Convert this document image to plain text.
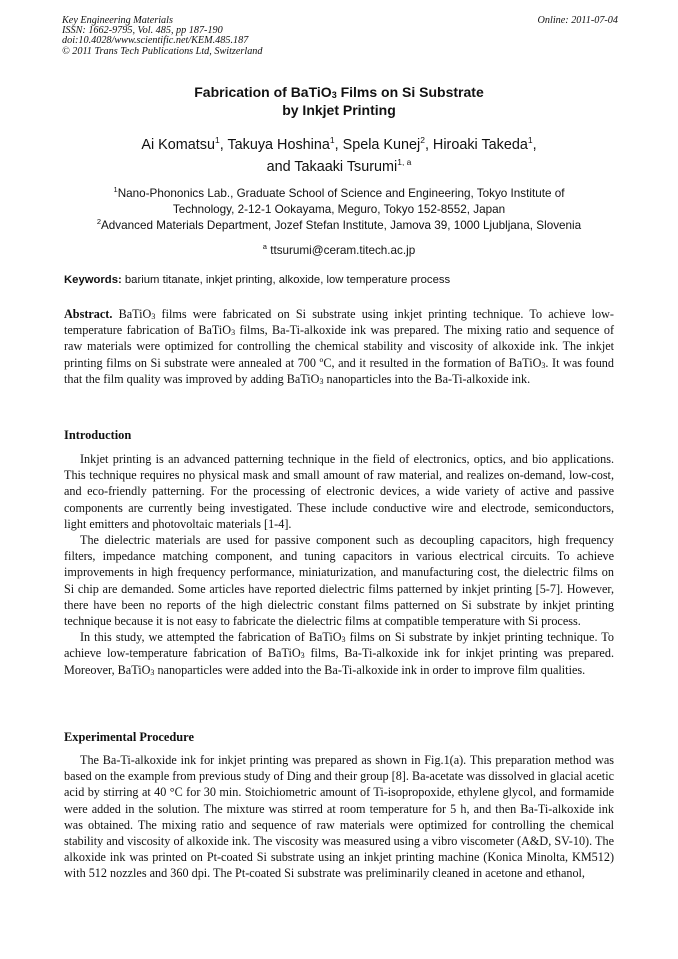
Key Engineering Materials
ISSN: 1662-9795, Vol. 485, pp 187-190
doi:10.4028/www.scientific.net/KEM.485.187
© 2011 Trans Tech Publications Ltd, Switzerland
Online: 2011-07-04
Fabrication of BaTiO$_3$ Films on Si Substrate
by Inkjet Printing
Ai Komatsu$^1$, Takuya Hoshina$^1$, Spela Kunej$^2$, Hiroaki Takeda$^1$,
and Takaaki Tsurumi$^{1, a}$
$^1$Nano-Phononics Lab., Graduate School of Science and Engineering, Tokyo Institute of
Technology, 2-12-1 Ookayama, Meguro, Tokyo 152-8552, Japan
$^2$Advanced Materials Department, Jozef Stefan Institute, Jamova 39, 1000 Ljubljana, Slovenia
$^a$ ttsurumi@ceram.titech.ac.jp
Keywords: barium titanate, inkjet printing, alkoxide, low temperature process

Abstract. BaTiO$_3$ films were fabricated on Si substrate using inkjet printing technique. To achieve low-temperature fabrication of BaTiO$_3$ films, Ba-Ti-alkoxide ink was prepared. The mixing ratio and sequence of raw materials were optimized for controlling the chemical stability and viscosity of alkoxide ink. The inkjet printing films on Si substrate were annealed at 700 ºC, and it resulted in the formation of BaTiO$_3$. It was found that the film quality was improved by adding BaTiO$_3$ nanoparticles into the Ba-Ti-alkoxide ink.

Introduction

Inkjet printing is an advanced patterning technique in the field of electronics, optics, and bio applications. This technique requires no physical mask and small amount of raw material, and realizes on-demand, low-cost, and eco-friendly patterning. For the processing of electronic devices, a wide variety of active and passive components are currently being investigated. These include conductive wire and electrode, semiconductors, light emitters and photovoltaic materials [1-4].

The dielectric materials are used for passive component such as decoupling capacitors, high frequency filters, impedance matching component, and tuning capacitors in various electrical circuits. To achieve improvements in high frequency performance, miniaturization, and manufacturing cost, the dielectric films on Si chip are demanded. Some articles have reported dielectric films patterned by inkjet printing [5-7]. However, there have been no reports of the high dielectric constant films patterned on Si substrate by inkjet printing technique because it is not easy to fabricate the dielectric films at compatible temperature with Si process.

In this study, we attempted the fabrication of BaTiO$_3$ films on Si substrate by inkjet printing technique. To achieve low-temperature fabrication of BaTiO$_3$ films, Ba-Ti-alkoxide ink for inkjet printing was prepared. Moreover, BaTiO$_3$ nanoparticles were added into the Ba-Ti-alkoxide ink in order to improve film qualities.

Experimental Procedure

The Ba-Ti-alkoxide ink for inkjet printing was prepared as shown in Fig.1(a). This preparation method was based on the example from previous study of Ding and their group [8]. Ba-acetate was dissolved in glacial acetic acid by stirring at 40 °C for 30 min. Stoichiometric amount of Ti-isopropoxide, ethylene glycol, and formamide were added in the solution. The mixture was stirred at room temperature for 5 h, and then Ba-Ti-alkoxide ink was obtained. The mixing ratio and sequence of raw materials were optimized for controlling the chemical stability and viscosity of alkoxide ink. The viscosity was measured using a vibro viscometer (A&D, SV-10). The alkoxide ink was printed on Pt-coated Si substrate using an inkjet printing machine (Konica Minolta, KM512) with 512 nozzles and 360 dpi. The Pt-coated Si substrate was preliminarily cleaned in acetone and ethanol,
